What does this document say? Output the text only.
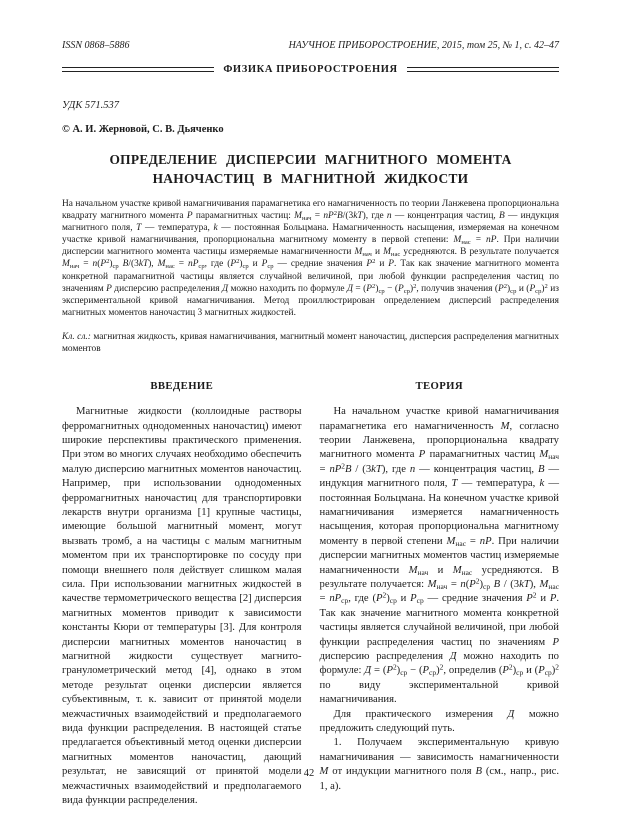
ISSN 0868–5886	НАУЧНОЕ ПРИБОРОСТРОЕНИЕ, 2015, том 25, № 1, c. 42–47
ФИЗИКА ПРИБОРОСТРОЕНИЯ
УДК 571.537
© А. И. Жерновой, С. В. Дьяченко
ОПРЕДЕЛЕНИЕ ДИСПЕРСИИ МАГНИТНОГО МОМЕНТА
НАНОЧАСТИЦ В МАГНИТНОЙ ЖИДКОСТИ
На начальном участке кривой намагничивания парамагнетика его намагниченность по теории Ланжевена пропорциональна квадрату магнитного момента P парамагнитных частиц: $M_{нач} = nP^2B/(3kT)$, где n — концентрация частиц, B — индукция магнитного поля, T — температура, k — постоянная Больцмана. Намагниченность насыщения, измеряемая на конечном участке кривой намагничивания, пропорциональна магнитному моменту в первой степени: $M_{нас}$ = nP. При наличии дисперсии магнитного момента частицы измеряемые намагниченности $M_{нач}$ и $M_{нас}$ усредняются. В результате получается $M_{нач} = n(P^2)_{ср}$ B/(3kT), $M_{нас} = nP_{ср}$, где $(P^2)_{ср}$ и $P_{ср}$ — средние значения $P^2$ и P. Так как значение магнитного момента конкретной парамагнитной частицы является случайной величиной, при любой функции распределения частиц по значениям P дисперсию распределения Д можно находить по формуле $Д = (P^2)_{ср} - (P_{ср})^2$, получив значения $(P^2)_{ср}$ и $(P_{ср})^2$ из экспериментальной кривой намагничивания. Метод проиллюстрирован определением дисперсий распределения магнитных моментов наночастиц 3 магнитных жидкостей.
Кл. сл.: магнитная жидкость, кривая намагничивания, магнитный момент наночастиц, дисперсия распределения магнитных моментов

ВВЕДЕНИЕ

Магнитные жидкости (коллоидные растворы ферромагнитных однодоменных наночастиц) имеют широкие перспективы практического применения. При этом во многих случаях необходимо обеспечить малую дисперсию магнитных моментов наночастиц. Например, при использовании однодоменных ферромагнитных наночастиц для транспортировки лекарств внутри организма [1] крупные частицы, имеющие большой магнитный момент, могут вызвать тромб, а на частицы с малым магнитным моментом при их транспортировке по сосуду при помощи внешнего поля действует слишком малая сила. При использовании магнитных жидкостей в качестве термометрического вещества [2] дисперсия магнитных моментов приводит к зависимости константы Кюри от температуры [3]. Для контроля дисперсии магнитных моментов наночастиц в магнитной жидкости существует магнито-гранулометрический метод [4], однако в этом методе результат оценки дисперсии является субъективным, т. к. зависит от принятой модели межчастичных взаимодействий и предполагаемого вида функции распределения. В настоящей статье предлагается объективный метод оценки дисперсии магнитных моментов наночастиц, дающий результат, не зависящий от принятой модели межчастичных взаимодействий и предполагаемого вида функции распределения.

ТЕОРИЯ

На начальном участке кривой намагничивания парамагнетика его намагниченность M, согласно теории Ланжевена, пропорциональна квадрату магнитного момента P парамагнитных частиц $M_{нач} = nP^2B / (3kT)$, где n — концентрация частиц, B — индукция магнитного поля, T — температура, k — постоянная Больцмана. На конечном участке кривой намагничивания измеряется намагниченность насыщения, которая пропорциональна магнитному моменту в первой степени $M_{нас}$ = nP. При наличии дисперсии магнитных моментов частиц измеряемые намагниченности $M_{нач}$ и $M_{нас}$ усредняются. В результате получается: $M_{нач} = n(P^2)_{ср}$ B / (3kT), $M_{нас} = nP_{ср}$, где $(P^2)_{ср}$ и $P_{ср}$ — средние значения $P^2$ и P. Так как значение магнитного момента конкретной частицы является случайной величиной, при любой функции распределения частиц по значениям P дисперсию распределения Д можно находить по формуле: $Д = (P^2)_{ср} - (P_{ср})^2$, определив $(P^2)_{ср}$ и $(P_{ср})^2$ по виду экспериментальной кривой намагничивания.

Для практического измерения Д можно предложить следующий путь.

1. Получаем экспериментальную кривую намагничивания — зависимость намагниченности M от индукции магнитного поля B (см., напр., рис. 1, а).

42
